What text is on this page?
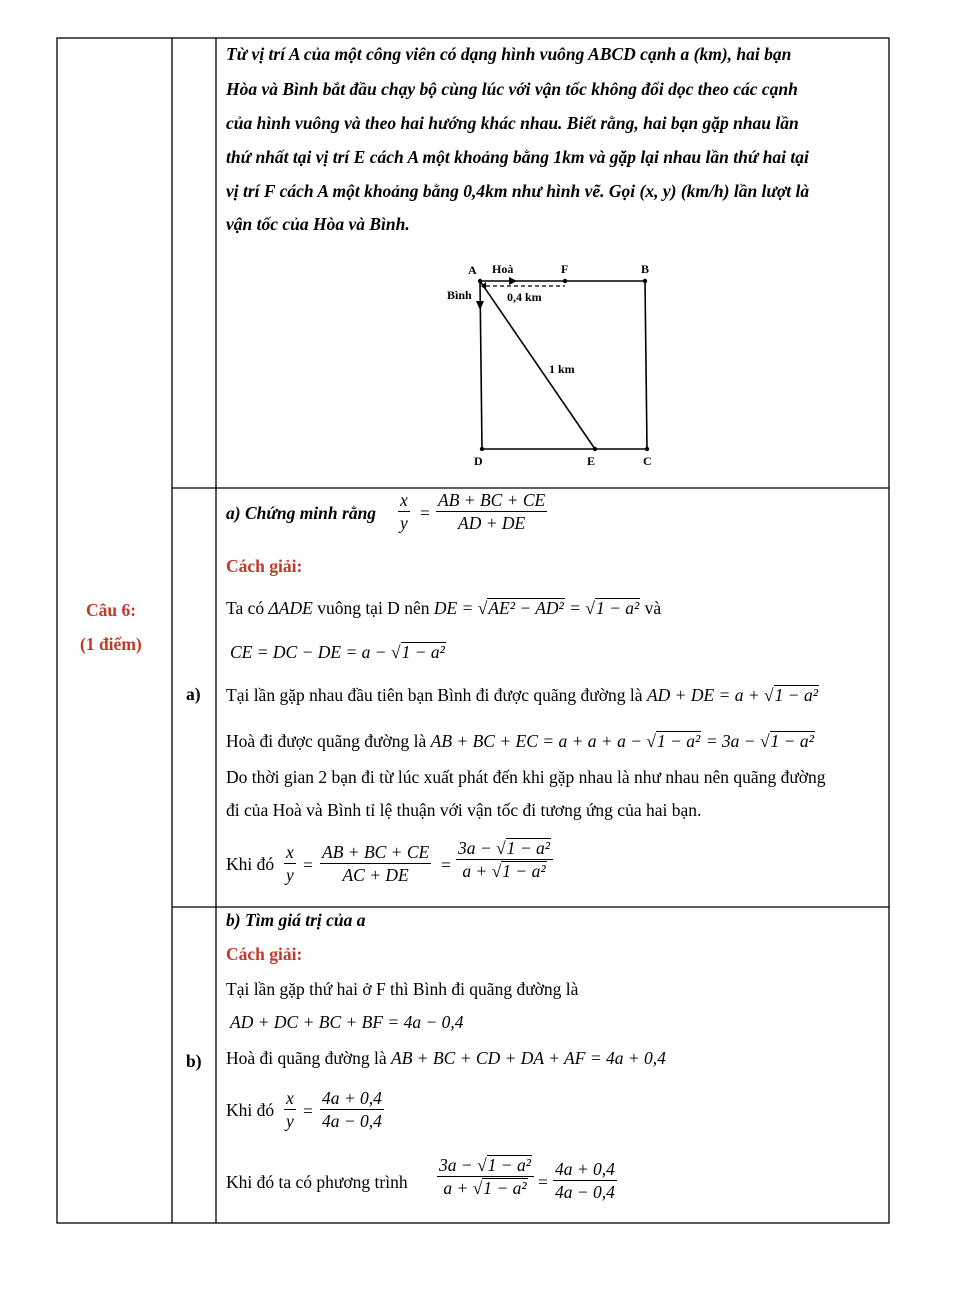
Câu 6:
(1 điểm)
Từ vị trí A của một công viên có dạng hình vuông ABCD cạnh a (km), hai bạn
Hòa và Bình bắt đầu chạy bộ cùng lúc với vận tốc không đổi dọc theo các cạnh
của hình vuông và theo hai hướng khác nhau. Biết rằng, hai bạn gặp nhau lần
thứ nhất tại vị trí E cách A một khoảng bằng 1km và gặp lại nhau lần thứ hai tại
vị trí F cách A một khoảng bằng 0,4km như hình vẽ. Gọi (x, y) (km/h) lần lượt là
vận tốc của Hòa và Bình.
A Hoà	F	B
Bình	0,4 km
1 km
D	E	C
a)
a) Chứng minh rằng $\frac{x}{y} = \frac{AB + BC + CE}{AD + DE}$
Cách giải:
Ta có ΔADE vuông tại D nên DE = √AE² − AD² = √1 − a² và
CE = DC − DE = a − √1 − a²
Tại lần gặp nhau đầu tiên bạn Bình đi được quãng đường là AD + DE = a + √1 − a²
Hoà đi được quãng đường là AB + BC + EC = a + a + a − √1 − a² = 3a − √1 − a²
Do thời gian 2 bạn đi từ lúc xuất phát đến khi gặp nhau là như nhau nên quãng đường
đi của Hoà và Bình tỉ lệ thuận với vận tốc đi tương ứng của hai bạn.
Khi đó $\frac{x}{y} = \frac{AB + BC + CE}{AC + DE} = \frac{\text{3a − √1 − a²}}{\text{a + √1 − a²}}$
b)
b) Tìm giá trị của a
Cách giải:
Tại lần gặp thứ hai ở F thì Bình đi quãng đường là
AD + DC + BC + BF = 4a − 0,4
Hoà đi quãng đường là AB + BC + CD + DA + AF = 4a + 0,4
Khi đó $\frac{x}{y} = \frac{4a + 0,4}{4a - 0,4}$
Khi đó ta có phương trình $\frac{\text{3a − √1 − a²}}{\text{a + √1 − a²}} = \frac{4a + 0,4}{4a - 0,4}$
